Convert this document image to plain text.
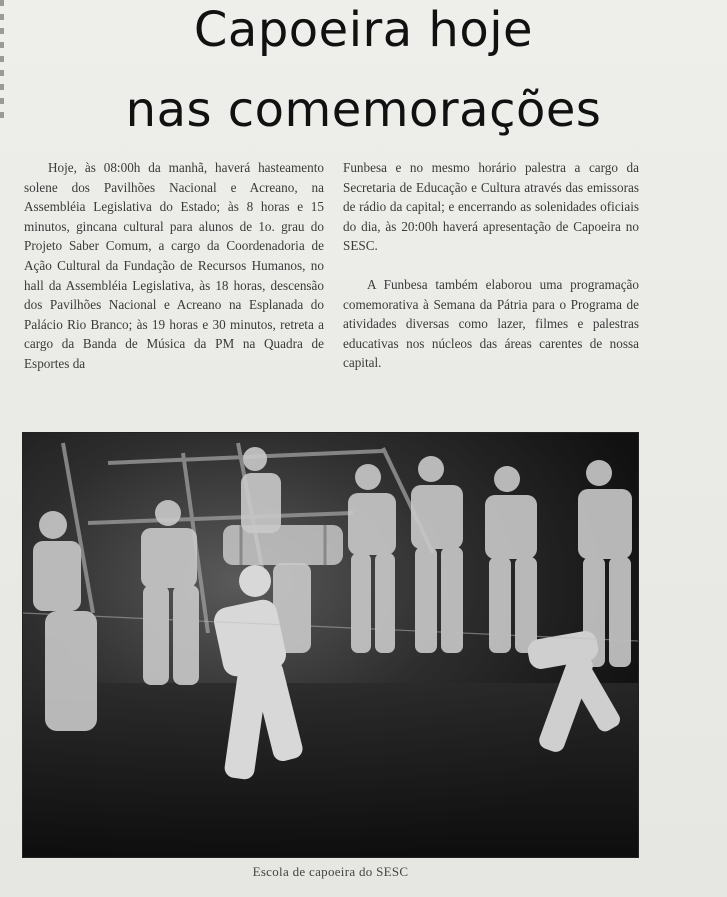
Capoeira hoje
nas comemorações

Hoje, às 08:00h da manhã, haverá hasteamento solene dos Pavilhões Nacional e Acreano, na Assembléia Legislativa do Estado; às 8 horas e 15 minutos, gincana cultural para alunos de 1o. grau do Projeto Saber Comum, a cargo da Coordenadoria de Ação Cultural da Fundação de Recursos Humanos, no hall da Assembléia Legislativa, às 18 horas, descensão dos Pavilhões Nacional e Acreano na Esplanada do Palácio Rio Branco; às 19 horas e 30 minutos, retreta a cargo da Banda de Música da PM na Quadra de Esportes da

Funbesa e no mesmo horário palestra a cargo da Secretaria de Educação e Cultura através das emissoras de rádio da capital; e encerrando as solenidades oficiais do dia, às 20:00h haverá apresentação de Capoeira no SESC.

A Funbesa também elaborou uma programação comemorativa à Semana da Pátria para o Programa de atividades diversas como lazer, filmes e palestras educativas nos núcleos das áreas carentes de nossa capital.

Escola de capoeira do SESC
